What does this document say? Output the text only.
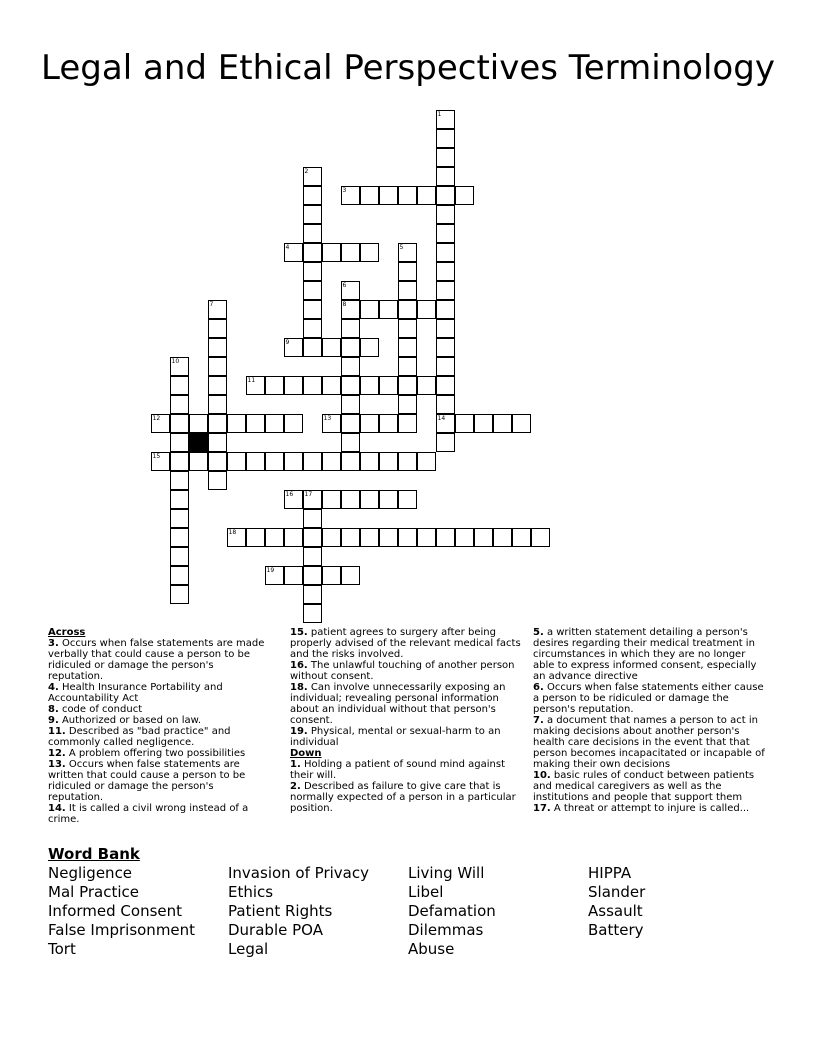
Legal and Ethical Perspectives Terminology
1
2
3
4	5
6
7	8
9
10
11
12	13	14
15
16 17
18
19
Across
3. Occurs when false statements are made verbally that could cause a person to be ridiculed or damage the person's reputation.
4. Health Insurance Portability and Accountability Act
8. code of conduct
9. Authorized or based on law.
11. Described as "bad practice" and commonly called negligence.
12. A problem offering two possibilities
13. Occurs when false statements are written that could cause a person to be ridiculed or damage the person's reputation.
14. It is called a civil wrong instead of a crime.
15. patient agrees to surgery after being properly advised of the relevant medical facts and the risks involved.
16. The unlawful touching of another person without consent.
18. Can involve unnecessarily exposing an individual; revealing personal information about an individual without that person's consent.
19. Physical, mental or sexual-harm to an individual
Down
1. Holding a patient of sound mind against their will.
2. Described as failure to give care that is normally expected of a person in a particular position.
5. a written statement detailing a person's desires regarding their medical treatment in circumstances in which they are no longer able to express informed consent, especially an advance directive
6. Occurs when false statements either cause a person to be ridiculed or damage the person's reputation.
7. a document that names a person to act in making decisions about another person's health care decisions in the event that that person becomes incapacitated or incapable of making their own decisions
10. basic rules of conduct between patients and medical caregivers as well as the institutions and people that support them
17. A threat or attempt to injure is called...
Word Bank
Negligence
Mal Practice
Informed Consent
False Imprisonment
Tort
Invasion of Privacy
Ethics
Patient Rights
Durable POA
Legal
Living Will
Libel
Defamation
Dilemmas
Abuse
HIPPA
Slander
Assault
Battery
